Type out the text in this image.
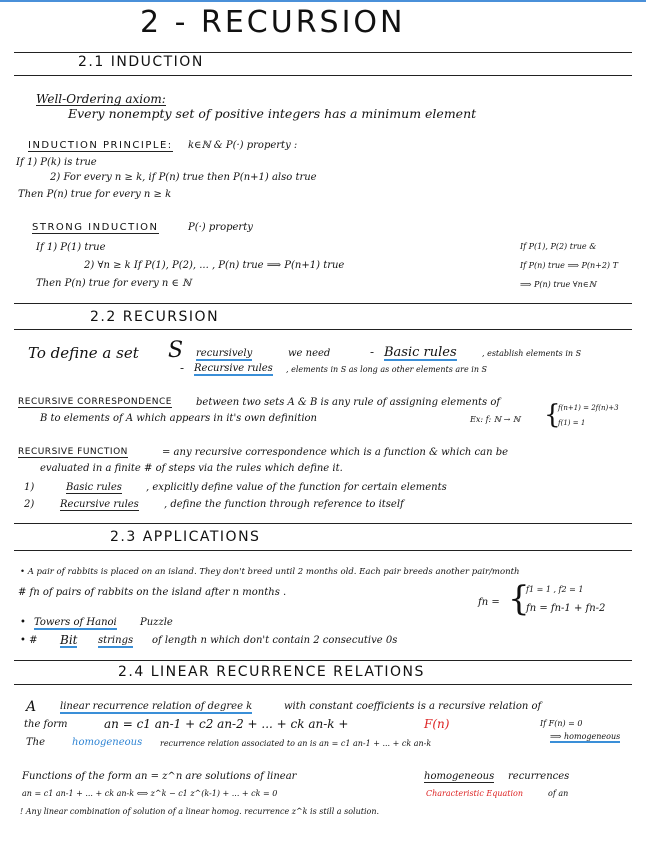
2 - RECURSION
2.1 INDUCTION
Well-Ordering axiom:
Every nonempty set of positive integers has a minimum element
INDUCTION PRINCIPLE: k∈ℕ & P(·) property :
If 1) P(k) is true
2) For every n ≥ k, if P(n) true then P(n+1) also true
Then P(n) true for every n ≥ k
STRONG INDUCTION	P(·) property
If 1) P(1) true
2) ∀n ≥ k If P(1), P(2), ... , P(n) true ⟹ P(n+1) true
Then P(n) true for every n ∈ ℕ
If P(1), P(2) true &
If P(n) true ⟹ P(n+2) T
⟹ P(n) true ∀n∈ℕ
2.2 RECURSION
To define a set S recursively	we need	- Basic rules	, establish elements in S
- Recursive rules , elements in S as long as other elements are in S
RECURSIVE CORRESPONDENCE between two sets A & B is any rule of assigning elements of
B to elements of A which appears in it's own definition	Ex: f: ℕ → ℕ {
f(n+1) = 2f(n)+3
f(1) = 1
RECURSIVE FUNCTION	= any recursive correspondence which is a function & which can be
evaluated in a finite # of steps via the rules which define it.
1)	Basic rules , explicitly define value of the function for certain elements
2)	Recursive rules	, define the function through reference to itself
2.3 APPLICATIONS
• A pair of rabbits is placed on an island. They don't breed until 2 months old. Each pair breeds another pair/month
# fn of pairs of rabbits on the island after n months .
fn = {
f1 = 1 , f2 = 1
fn = fn-1 + fn-2
• Towers of Hanoi Puzzle
• # Bit strings of length n which don't contain 2 consecutive 0s
2.4 LINEAR RECURRENCE RELATIONS
A linear recurrence relation of degree k	with constant coefficients is a recursive relation of
the form	an = c1 an-1 + c2 an-2 + ... + ck an-k +	F(n)	If F(n) = 0
⟹ homogeneous
The	homogeneous recurrence relation associated to an is an = c1 an-1 + ... + ck an-k
Functions of the form an = z^n are solutions of linear	homogeneous recurrences
an = c1 an-1 + ... + ck an-k ⟺ z^k − c1 z^(k-1) + ... + ck = 0	Characteristic Equation	of an
! Any linear combination of solution of a linear homog. recurrence z^k is still a solution.
